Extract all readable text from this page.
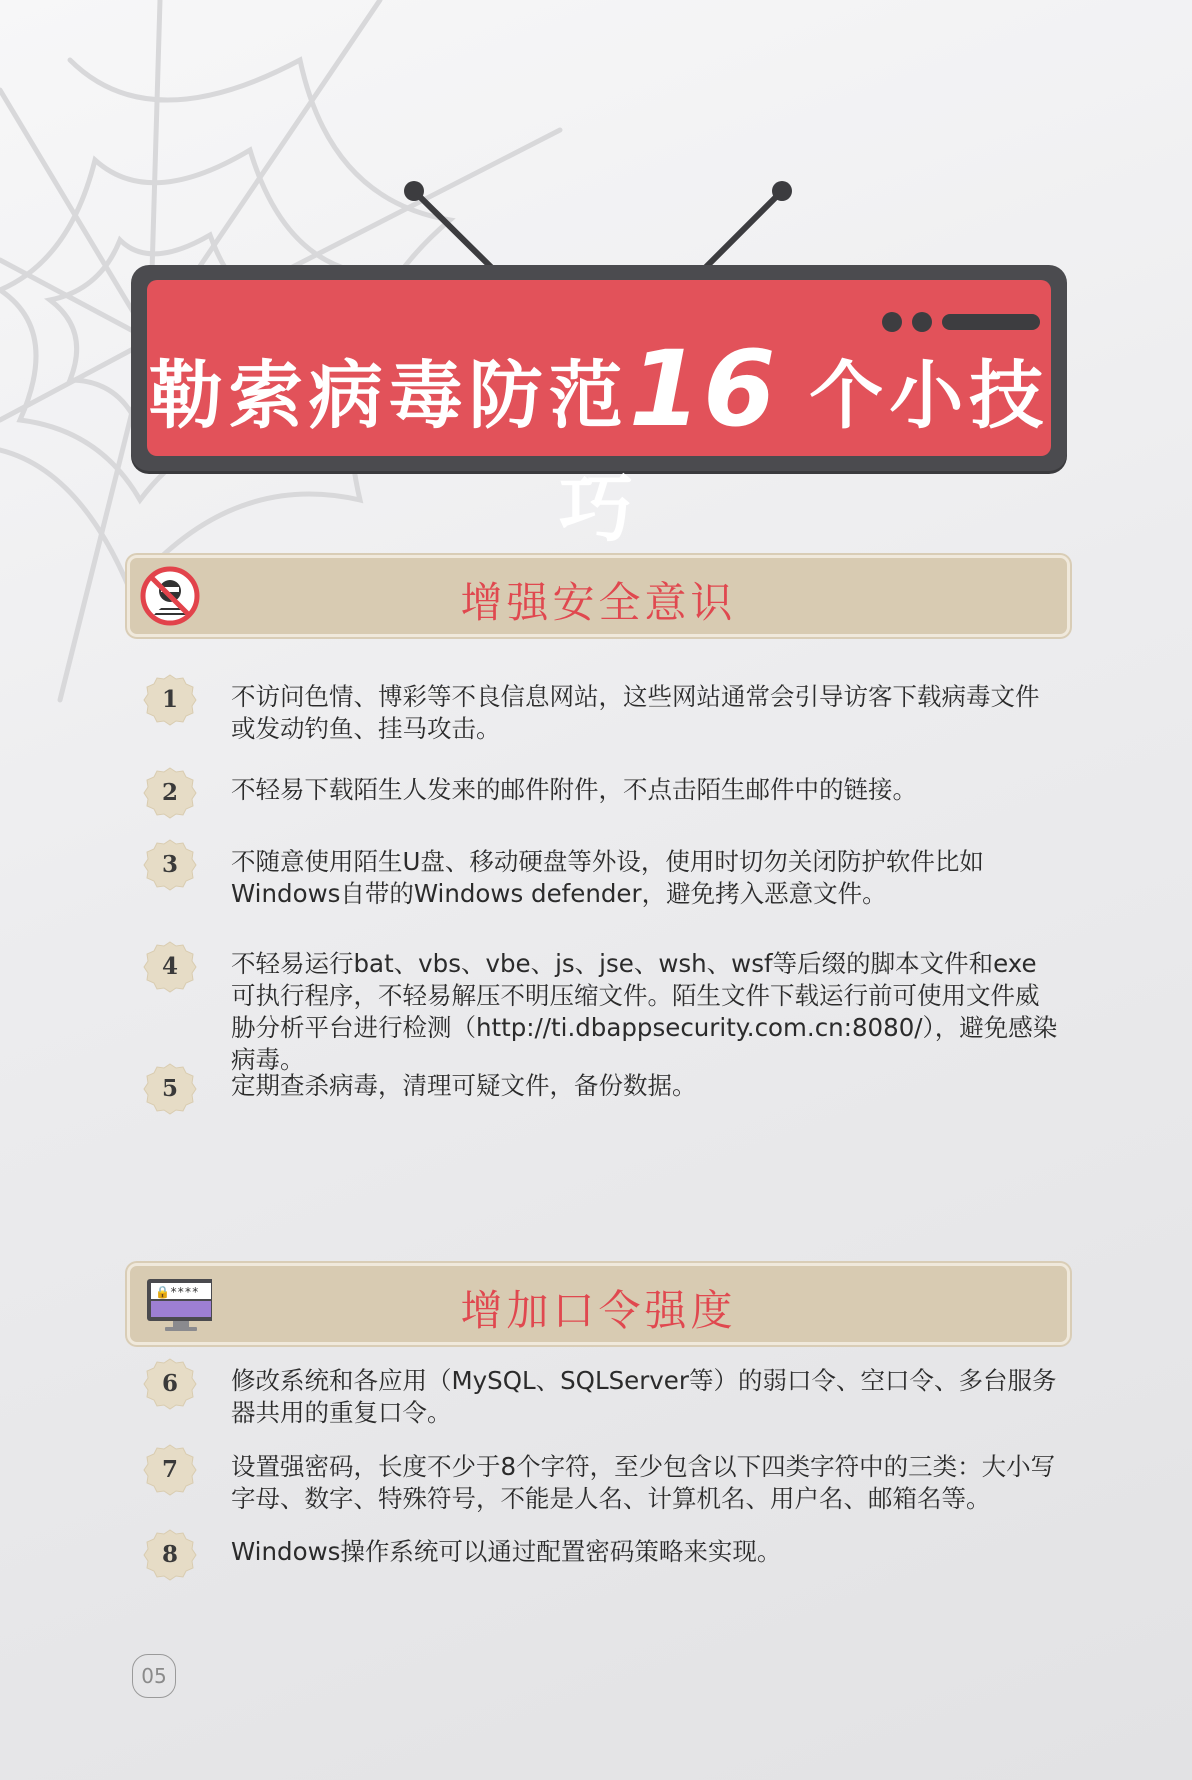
勒索病毒防范16 个小技巧
增强安全意识
1	不访问色情、博彩等不良信息网站，这些网站通常会引导访客下载病毒文件或发动钓鱼、挂马攻击。
2	不轻易下载陌生人发来的邮件附件，不点击陌生邮件中的链接。
3	不随意使用陌生U盘、移动硬盘等外设，使用时切勿关闭防护软件比如Windows自带的Windows defender，避免拷入恶意文件。
4	不轻易运行bat、vbs、vbe、js、jse、wsh、wsf等后缀的脚本文件和exe可执行程序，不轻易解压不明压缩文件。陌生文件下载运行前可使用文件威胁分析平台进行检测（http://ti.dbappsecurity.com.cn:8080/），避免感染病毒。
5	定期查杀病毒，清理可疑文件，备份数据。
🔒****	增加口令强度
6	修改系统和各应用（MySQL、SQLServer等）的弱口令、空口令、多台服务器共用的重复口令。
7	设置强密码，长度不少于8个字符，至少包含以下四类字符中的三类：大小写字母、数字、特殊符号，不能是人名、计算机名、用户名、邮箱名等。
8	Windows操作系统可以通过配置密码策略来实现。
05
